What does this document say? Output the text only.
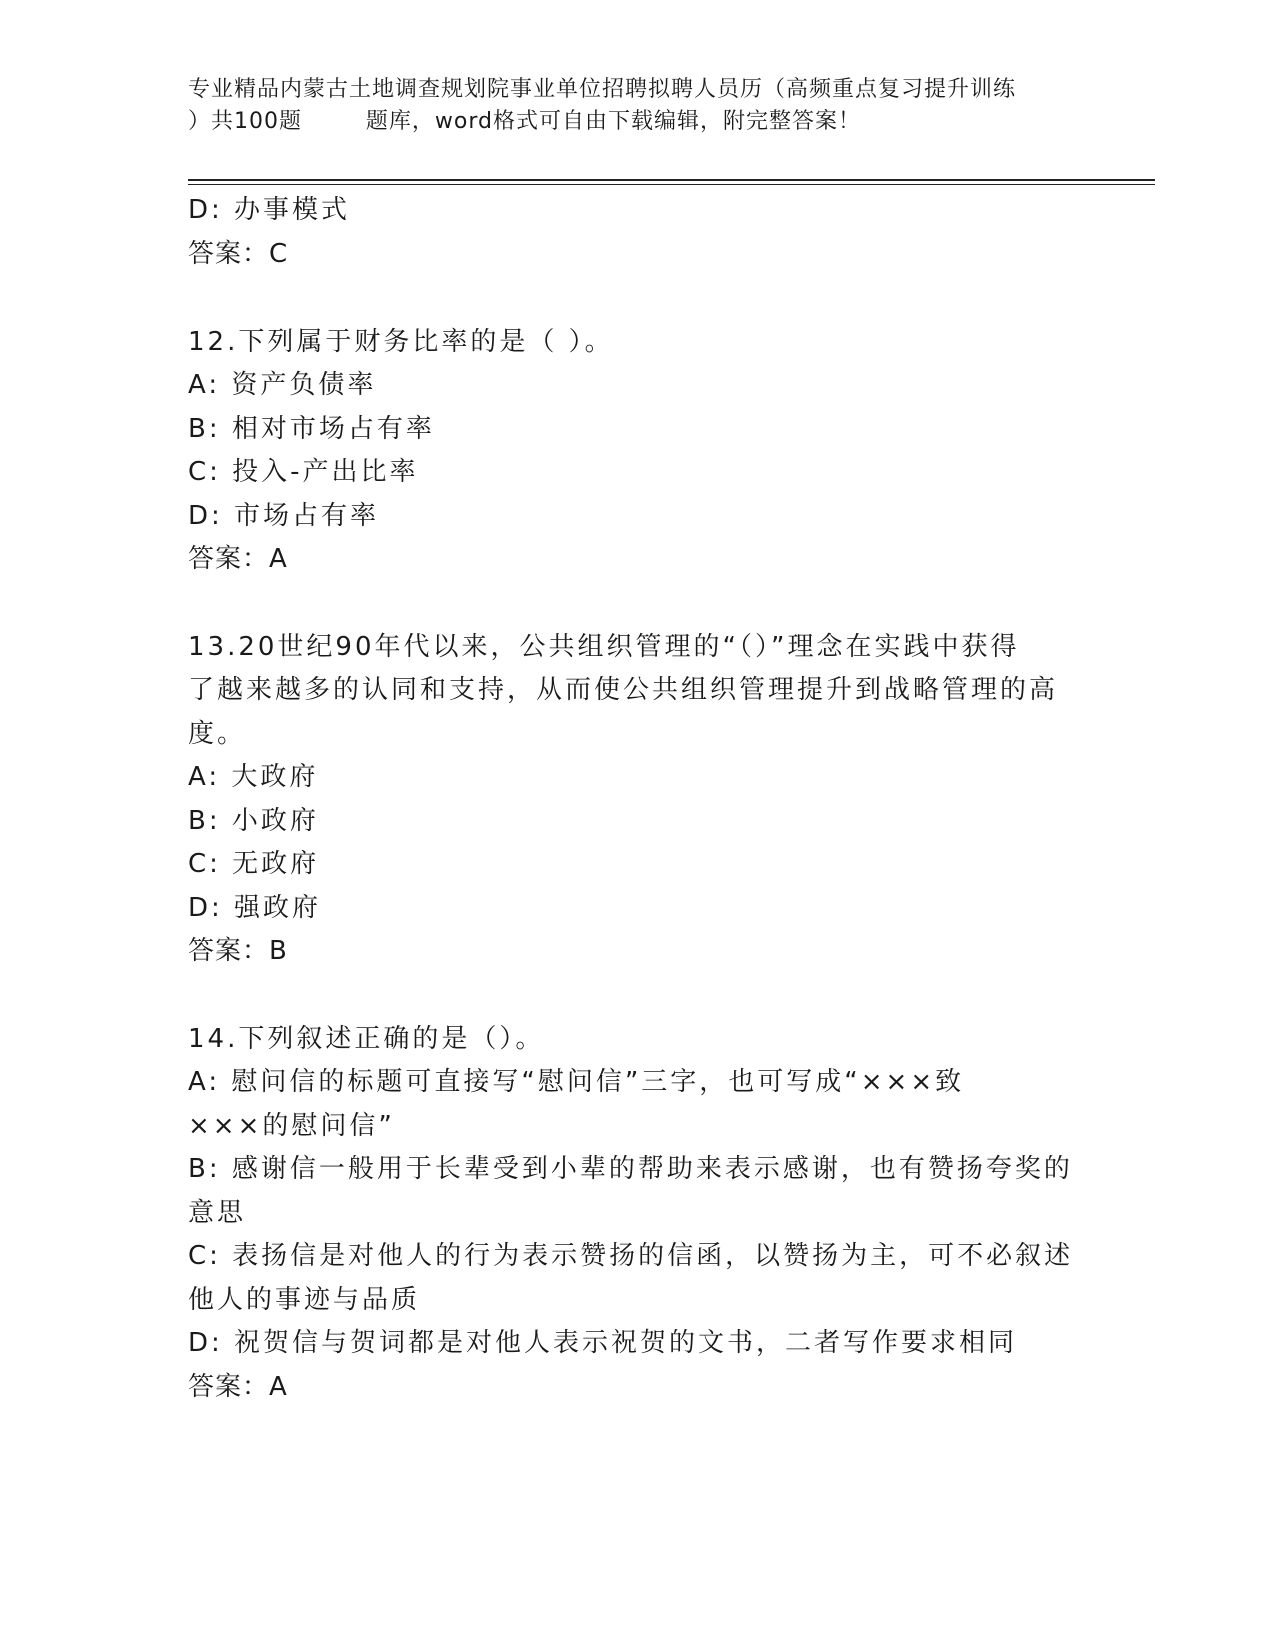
专业精品内蒙古土地调查规划院事业单位招聘拟聘人员历（高频重点复习提升训练
）共100题        题库，word格式可自由下载编辑，附完整答案！
D: 办事模式
答案：C
12.下列属于财务比率的是（ ）。
A: 资产负债率
B: 相对市场占有率
C: 投入-产出比率
D: 市场占有率
答案：A
13.20世纪90年代以来，公共组织管理的“（）”理念在实践中获得
了越来越多的认同和支持，从而使公共组织管理提升到战略管理的高
度。
A: 大政府
B: 小政府
C: 无政府
D: 强政府
答案：B
14.下列叙述正确的是（）。
A: 慰问信的标题可直接写“慰问信”三字，也可写成“×××致
×××的慰问信”
B: 感谢信一般用于长辈受到小辈的帮助来表示感谢，也有赞扬夸奖的
意思
C: 表扬信是对他人的行为表示赞扬的信函，以赞扬为主，可不必叙述
他人的事迹与品质
D: 祝贺信与贺词都是对他人表示祝贺的文书，二者写作要求相同
答案：A
